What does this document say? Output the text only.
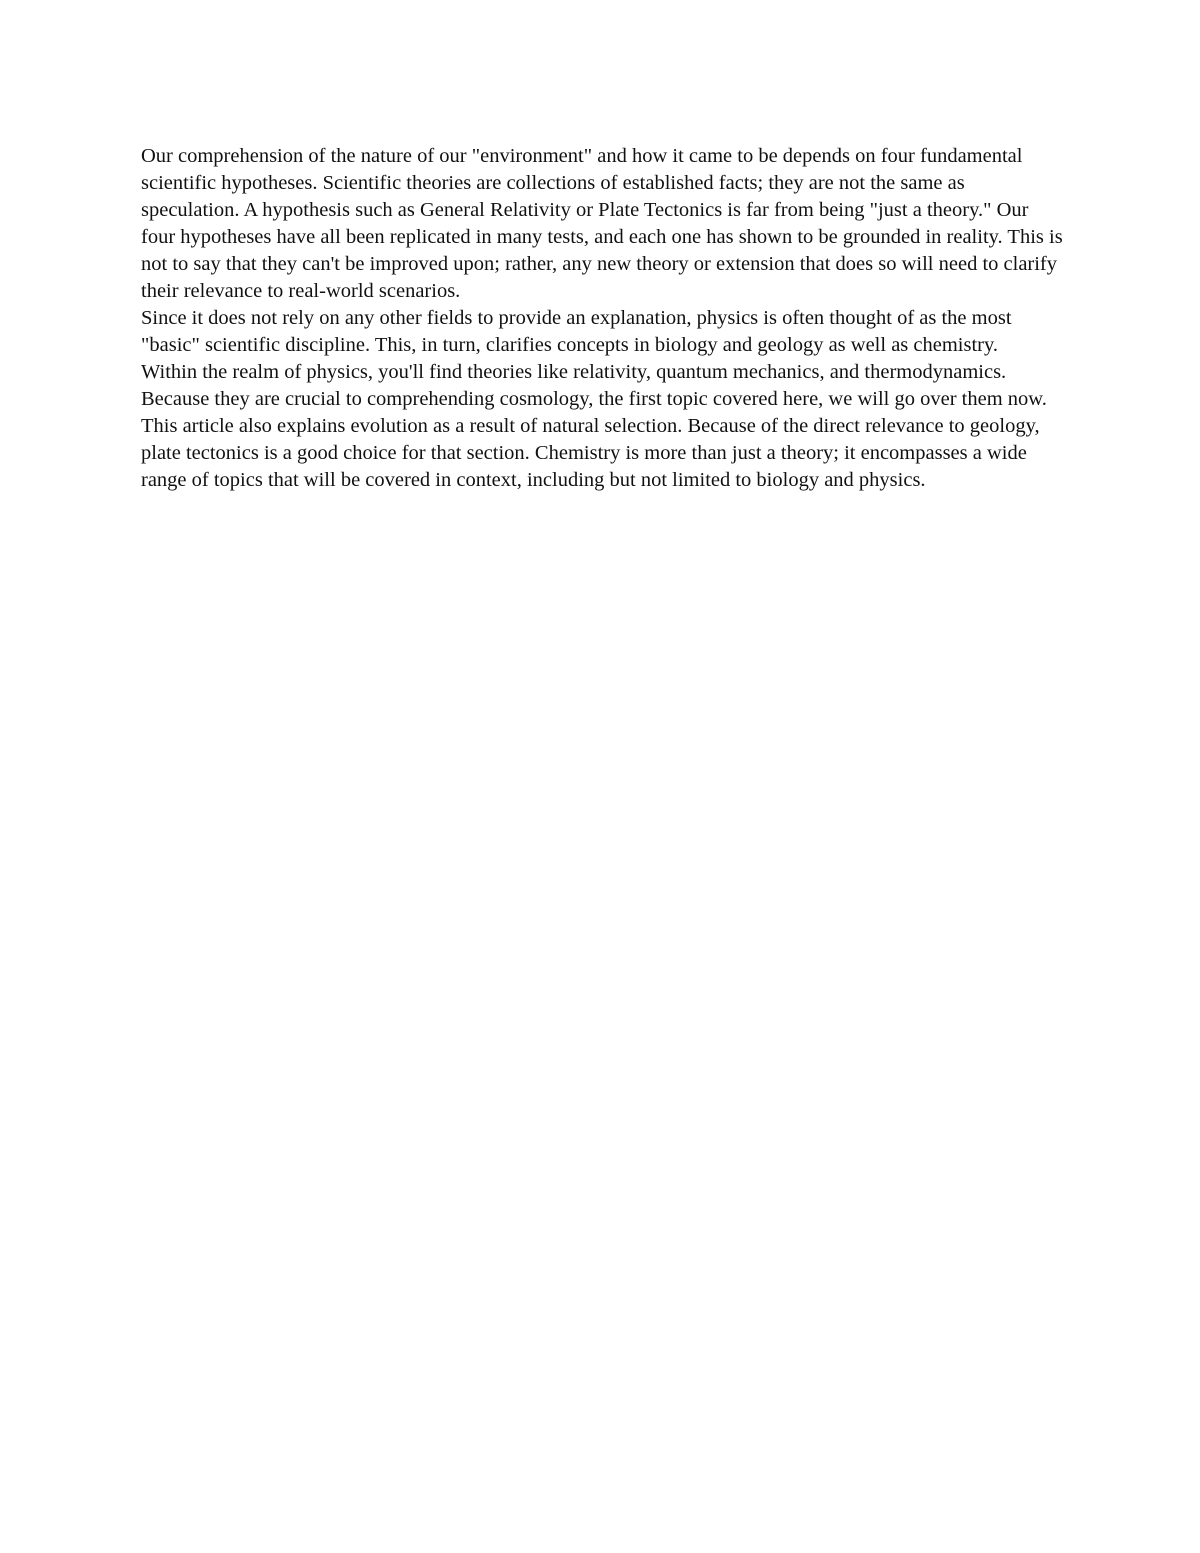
Our comprehension of the nature of our "environment" and how it came to be depends on four fundamental scientific hypotheses. Scientific theories are collections of established facts; they are not the same as speculation. A hypothesis such as General Relativity or Plate Tectonics is far from being "just a theory." Our four hypotheses have all been replicated in many tests, and each one has shown to be grounded in reality. This is not to say that they can't be improved upon; rather, any new theory or extension that does so will need to clarify their relevance to real-world scenarios.

Since it does not rely on any other fields to provide an explanation, physics is often thought of as the most "basic" scientific discipline. This, in turn, clarifies concepts in biology and geology as well as chemistry.

Within the realm of physics, you'll find theories like relativity, quantum mechanics, and thermodynamics. Because they are crucial to comprehending cosmology, the first topic covered here, we will go over them now. This article also explains evolution as a result of natural selection. Because of the direct relevance to geology, plate tectonics is a good choice for that section. Chemistry is more than just a theory; it encompasses a wide range of topics that will be covered in context, including but not limited to biology and physics.
